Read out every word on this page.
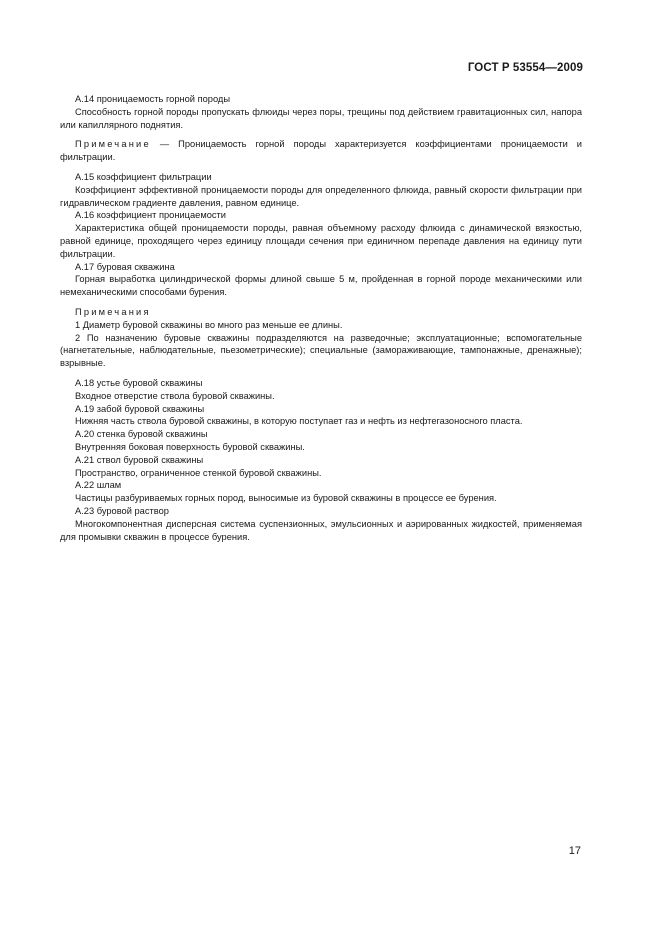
ГОСТ Р 53554—2009

А.14 проницаемость горной породы

Способность горной породы пропускать флюиды через поры, трещины под действием гравитационных сил, напора или капиллярного поднятия.

Примечание — Проницаемость горной породы характеризуется коэффициентами проницаемости и фильтрации.

А.15 коэффициент фильтрации

Коэффициент эффективной проницаемости породы для определенного флюида, равный скорости фильтрации при гидравлическом градиенте давления, равном единице.

А.16 коэффициент проницаемости

Характеристика общей проницаемости породы, равная объемному расходу флюида с динамической вязкостью, равной единице, проходящего через единицу площади сечения при единичном перепаде давления на единицу пути фильтрации.

А.17 буровая скважина

Горная выработка цилиндрической формы длиной свыше 5 м, пройденная в горной породе механическими или немеханическими способами бурения.

Примечания

1 Диаметр буровой скважины во много раз меньше ее длины.

2 По назначению буровые скважины подразделяются на разведочные; эксплуатационные; вспомогательные (нагнетательные, наблюдательные, пьезометрические); специальные (замораживающие, тампонажные, дренажные); взрывные.

А.18 устье буровой скважины

Входное отверстие ствола буровой скважины.

А.19 забой буровой скважины

Нижняя часть ствола буровой скважины, в которую поступает газ и нефть из нефтегазоносного пласта.

А.20 стенка буровой скважины

Внутренняя боковая поверхность буровой скважины.

А.21 ствол буровой скважины

Пространство, ограниченное стенкой буровой скважины.

А.22 шлам

Частицы разбуриваемых горных пород, выносимые из буровой скважины в процессе ее бурения.

А.23 буровой раствор

Многокомпонентная дисперсная система суспензионных, эмульсионных и аэрированных жидкостей, применяемая для промывки скважин в процессе бурения.

17
